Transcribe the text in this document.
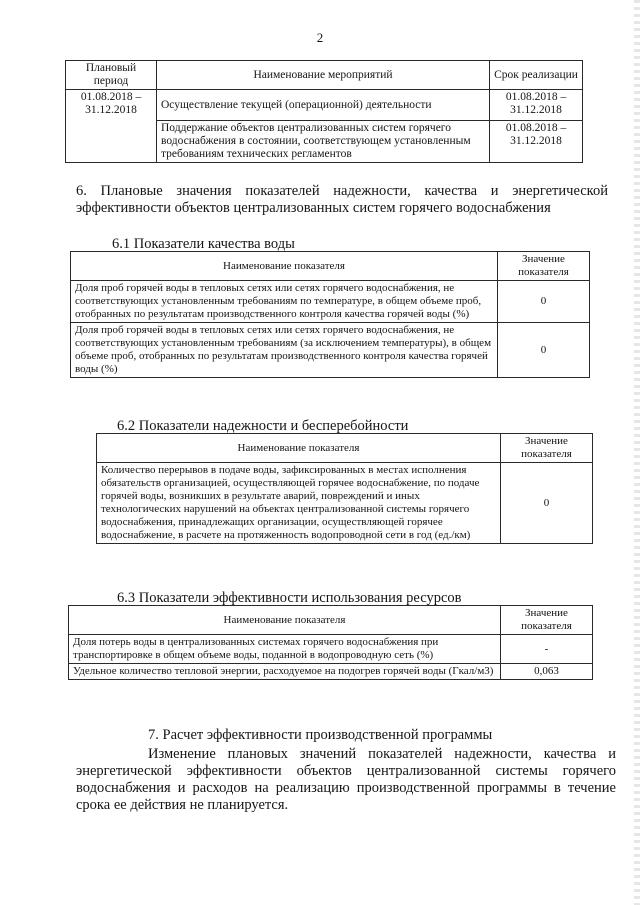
2
Плановый период	Наименование мероприятий	Срок реализации
01.08.2018 – 31.12.2018	Осуществление текущей (операционной) деятельности	01.08.2018 – 31.12.2018
	Поддержание объектов централизованных систем горячего водоснабжения в состоянии, соответствующем установленным требованиям технических регламентов	01.08.2018 – 31.12.2018
6. Плановые значения показателей надежности, качества и энергетической эффективности объектов централизованных систем горячего водоснабжения
6.1 Показатели качества воды
Наименование показателя	Значение показателя
Доля проб горячей воды в тепловых сетях или сетях горячего водоснабжения, не соответствующих установленным требованиям по температуре, в общем объеме проб, отобранных по результатам производственного контроля качества горячей воды (%)	0
Доля проб горячей воды в тепловых сетях или сетях горячего водоснабжения, не соответствующих установленным требованиям (за исключением температуры), в общем объеме проб, отобранных по результатам производственного контроля качества горячей воды (%)	0
6.2 Показатели надежности и бесперебойности
Наименование показателя	Значение показателя
Количество перерывов в подаче воды, зафиксированных в местах исполнения обязательств организацией, осуществляющей горячее водоснабжение, по подаче горячей воды, возникших в результате аварий, повреждений и иных технологических нарушений на объектах централизованной системы горячего водоснабжения, принадлежащих организации, осуществляющей горячее водоснабжение, в расчете на протяженность водопроводной сети в год (ед./км)	0
6.3 Показатели эффективности использования ресурсов
Наименование показателя	Значение показателя
Доля потерь воды в централизованных системах горячего водоснабжения при транспортировке в общем объеме воды, поданной в водопроводную сеть (%)	-
Удельное количество тепловой энергии, расходуемое на подогрев горячей воды (Гкал/м3)	0,063
7. Расчет эффективности производственной программы
Изменение плановых значений показателей надежности, качества и энергетической эффективности объектов централизованной системы горячего водоснабжения и расходов на реализацию производственной программы в течение срока ее действия не планируется.
